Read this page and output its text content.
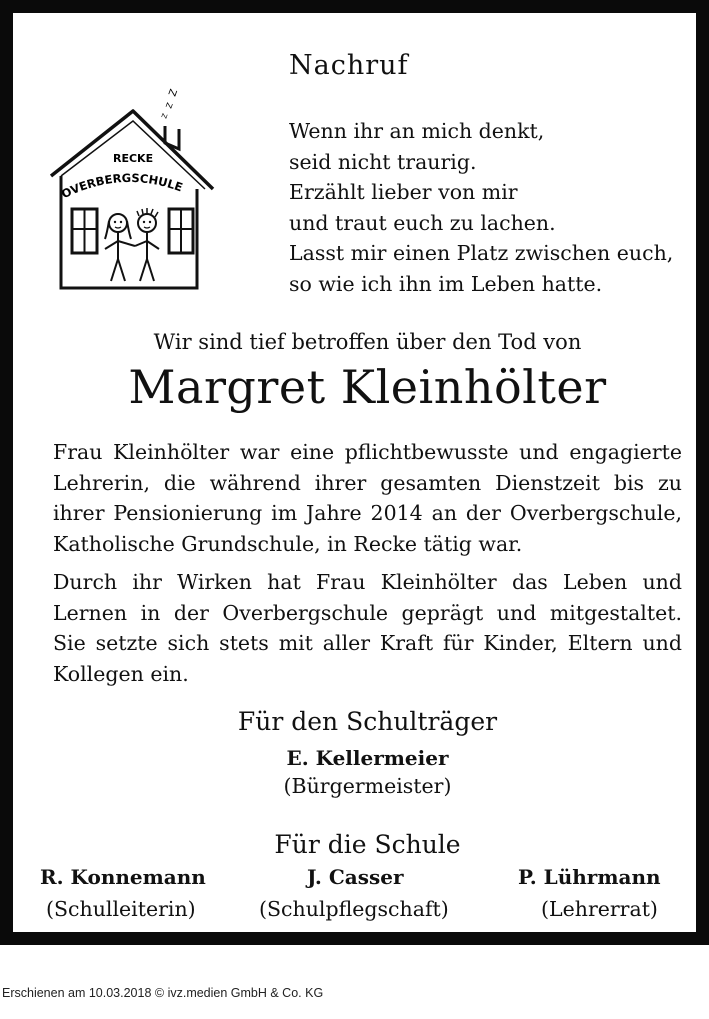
Nachruf
Z
Z
Z
RECKE
OVERBERGSCHULE
Wenn ihr an mich denkt,
seid nicht traurig.
Erzählt lieber von mir
und traut euch zu lachen.
Lasst mir einen Platz zwischen euch,
so wie ich ihn im Leben hatte.
Wir sind tief betroffen über den Tod von
Margret Kleinhölter
Frau Kleinhölter war eine pflichtbewusste und engagierte
Lehrerin, die während ihrer gesamten Dienstzeit bis zu
ihrer Pensionierung im Jahre 2014 an der Overbergschule,
Katholische Grundschule, in Recke tätig war.
Durch ihr Wirken hat Frau Kleinhölter das Leben und
Lernen in der Overbergschule geprägt und mitgestaltet.
Sie setzte sich stets mit aller Kraft für Kinder, Eltern und
Kollegen ein.
Für den Schulträger
E. Kellermeier
(Bürgermeister)
Für die Schule
R. Konnemann
(Schulleiterin)
J. Casser
(Schulpflegschaft)
P. Lührmann
(Lehrerrat)
Erschienen am 10.03.2018 © ivz.medien GmbH & Co. KG
